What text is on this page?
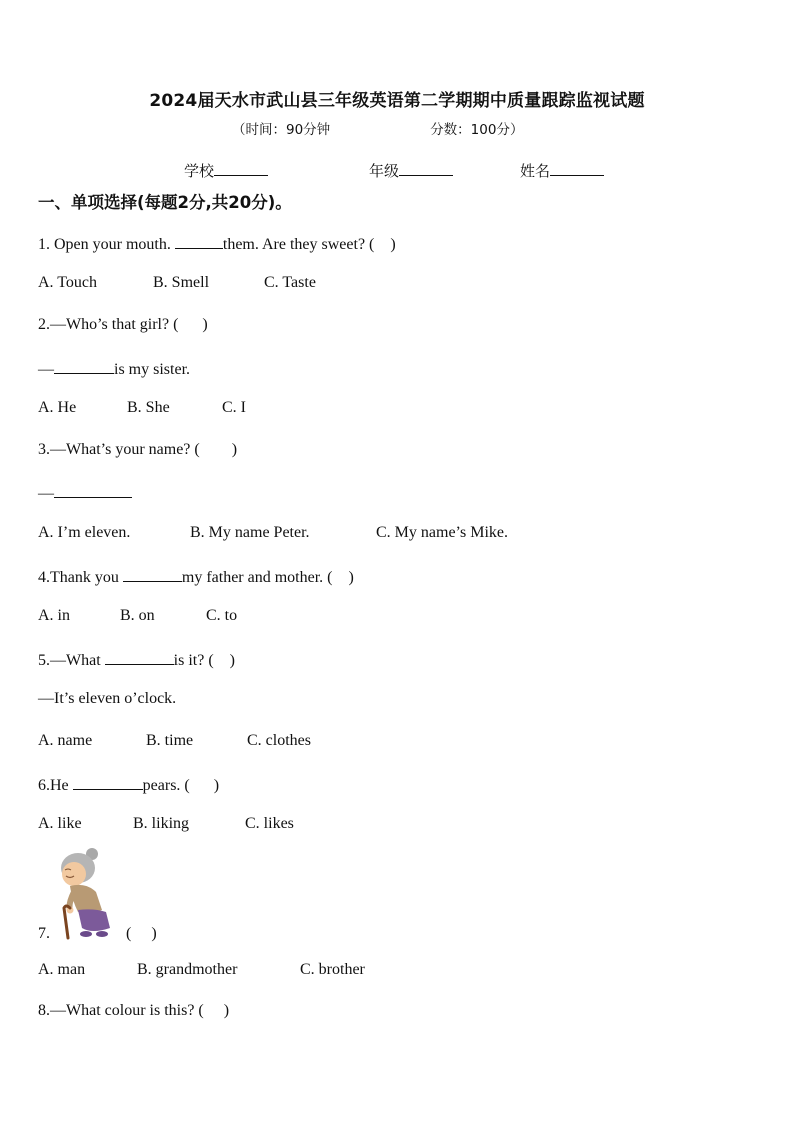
2024届天水市武山县三年级英语第二学期期中质量跟踪监视试题
（时间：90分钟	分数：100分）
学校	年级	姓名
一、单项选择(每题2分,共20分)。
1. Open your mouth.	them. Are they sweet? (    )
A. Touch	B. Smell	C. Taste
2.—Who’s that girl? (      )
—	is my sister.
A. He	B. She	C. I
3.—What’s your name? (        )
—
A. I’m eleven.	B. My name Peter.	C. My name’s Mike.
4.Thank you	my father and mother. (    )
A. in	B. on	C. to
5.—What	is it? (    )
—It’s eleven o’clock.
A. name	B. time	C. clothes
6.He	pears. (      )
A. like	B. liking	C. likes
7.	(     )
A. man	B. grandmother	C. brother
8.—What colour is this? (     )
